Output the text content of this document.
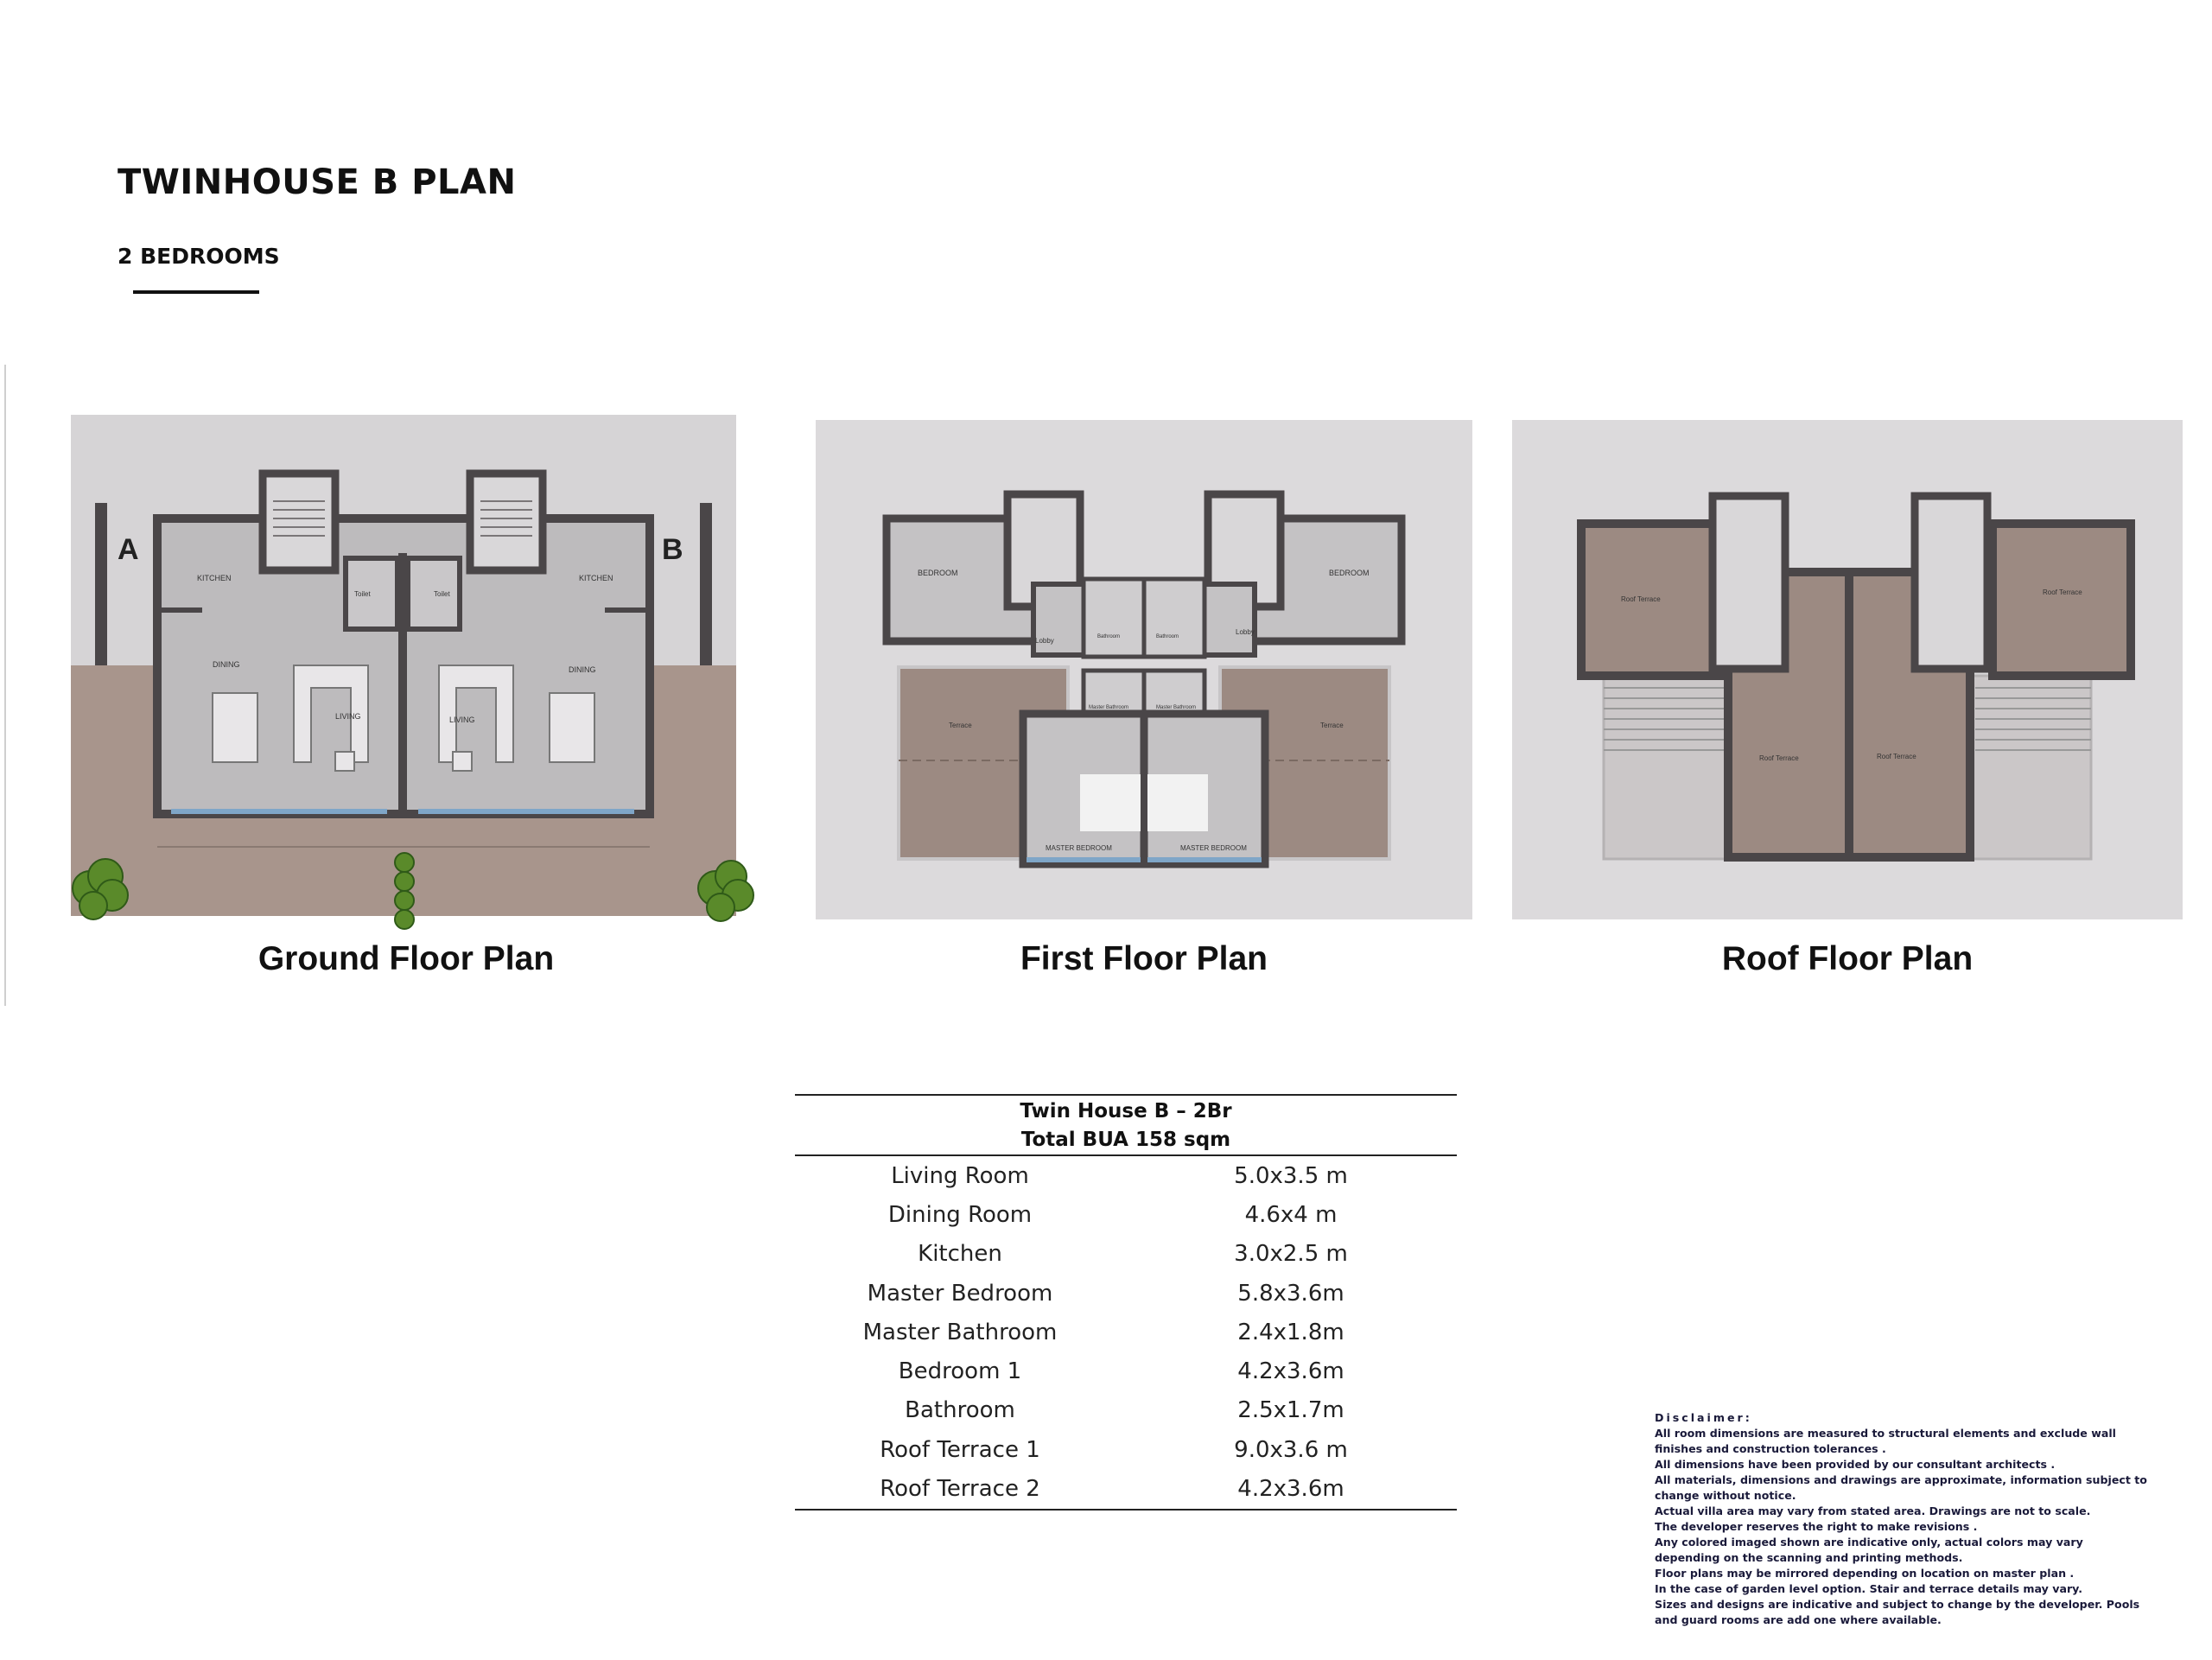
TWINHOUSE B PLAN
2 BEDROOMS
A	B
KITCHEN	KITCHEN
DINING
DINING
LIVING	LIVING
Toilet	Toilet
Ground Floor Plan
BEDROOM	BEDROOM
Lobby
Lobby
Bathroom	Bathroom
Master Bathroom	Master Bathroom
Terrace	Terrace
MASTER BEDROOM	MASTER BEDROOM
First Floor Plan
Roof Terrace
Roof Terrace
Roof Terrace	Roof Terrace
Roof Floor Plan
Twin House B – 2Br
Total BUA 158 sqm
Living Room	5.0x3.5 m
Dining Room	4.6x4 m
Kitchen	3.0x2.5 m
Master Bedroom	5.8x3.6m
Master Bathroom	2.4x1.8m
Bedroom 1	4.2x3.6m
Bathroom	2.5x1.7m
Roof Terrace 1	9.0x3.6 m
Roof Terrace 2	4.2x3.6m

Disclaimer:

All room dimensions are measured to structural elements and exclude wall finishes and construction tolerances .

All dimensions have been provided by our consultant architects .

All materials, dimensions and drawings are approximate, information subject to change without notice.

Actual villa area may vary from stated area. Drawings are not to scale.

The developer reserves the right to make revisions .

Any colored imaged shown are indicative only, actual colors may vary depending on the scanning and printing methods.

Floor plans may be mirrored depending on location on master plan .

In the case of garden level option. Stair and terrace details may vary.

Sizes and designs are indicative and subject to change by the developer. Pools and guard rooms are add one where available.
